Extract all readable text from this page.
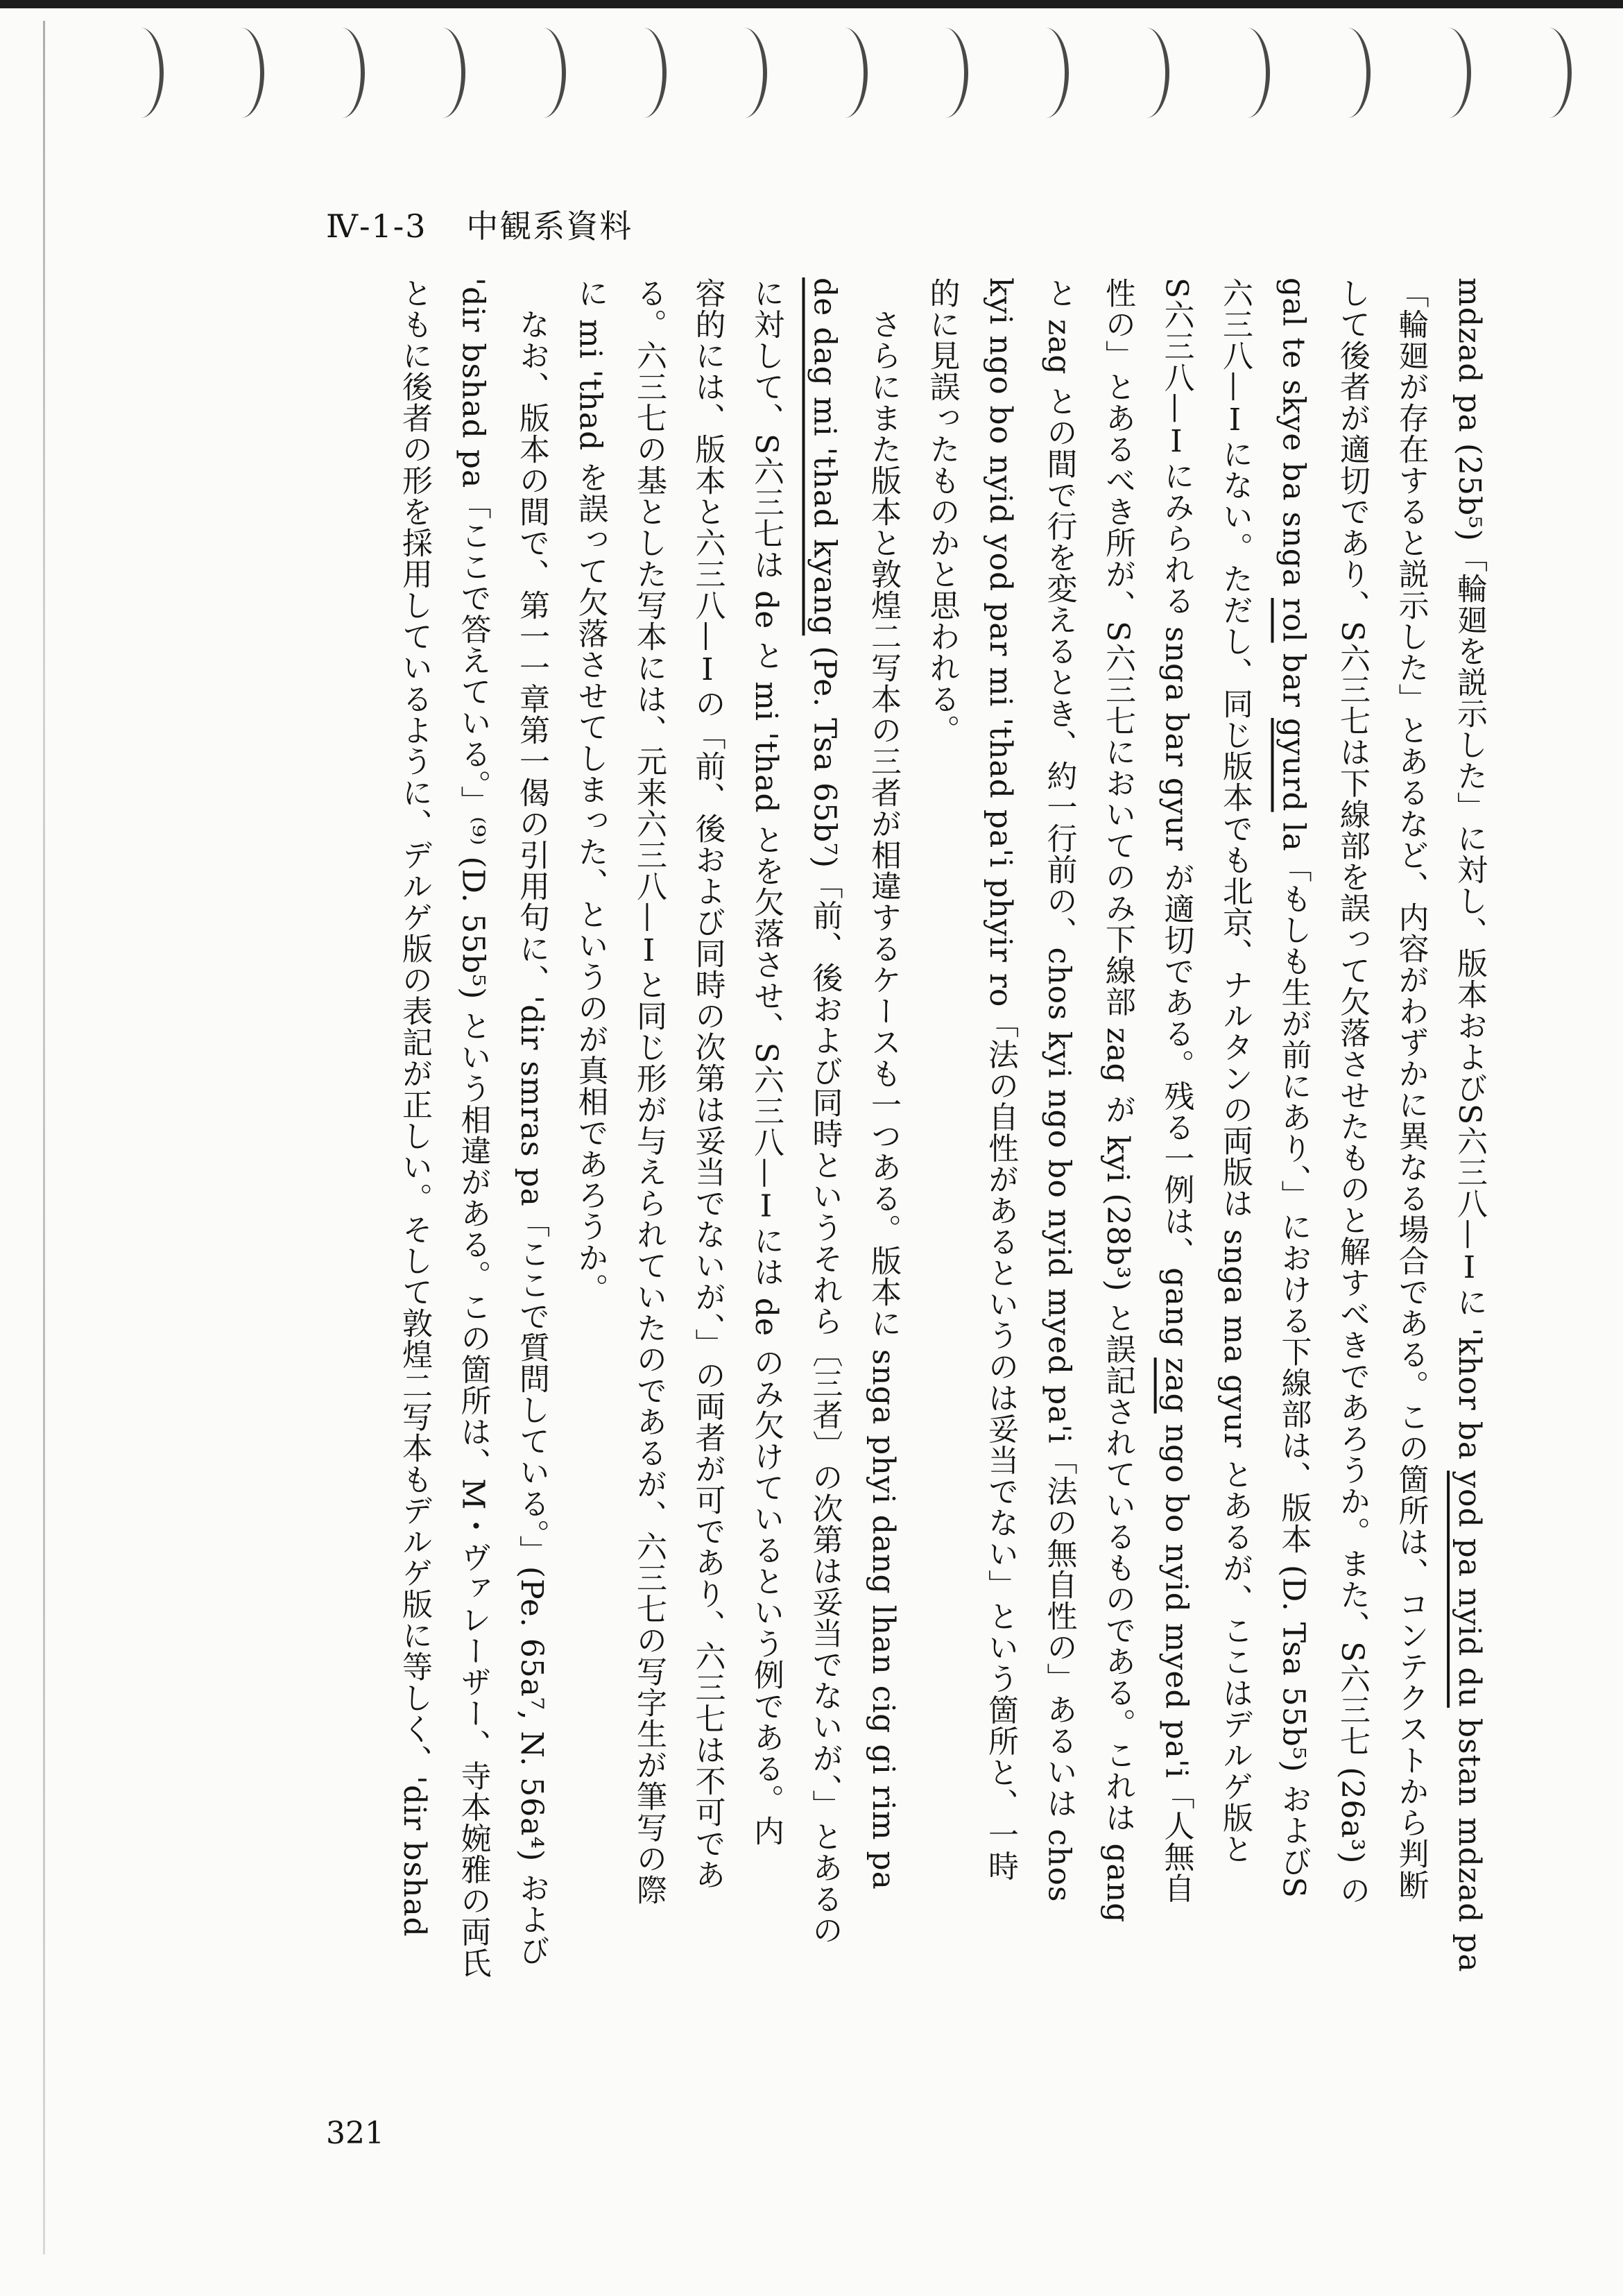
Ⅳ-1-3 中観系資料
mdzad pa (25b⁵)「輪廻を説示した」に対し、版本およびS六三八—Ⅰに 'khor ba yod pa nyid du bstan mdzad pa
「輪廻が存在すると説示した」とあるなど、内容がわずかに異なる場合である。この箇所は、コンテクストから判断
して後者が適切であり、S六三七は下線部を誤って欠落させたものと解すべきであろうか。また、S六三七 (26a³) の
gal te skye ba sngа rol bar gyurd la「もしも生が前にあり、」における下線部は、版本 (D. Tsa 55b⁵) およびS
六三八—Ⅰにない。ただし、同じ版本でも北京、ナルタンの両版は snga ma gyur とあるが、ここはデルゲ版と
S六三八—Ⅰにみられる snga bar gyur が適切である。残る一例は、gang zag ngo bo nyid myed pa'i「人無自
性の」とあるべき所が、S六三七においてのみ下線部 zag が kyi (28b³) と誤記されているものである。これは gang
と zag との間で行を変えるとき、約一行前の、chos kyi ngo bo nyid myed pa'i「法の無自性の」あるいは chos
kyi ngo bo nyid yod par mi 'thad pa'i phyir ro「法の自性があるというのは妥当でない」という箇所と、一時
的に見誤ったものかと思われる。
　さらにまた版本と敦煌二写本の三者が相違するケースも一つある。版本に sngа phyi dang lhan cig gi rim pa
de dag mi 'thad kyang (Pe. Tsa 65b⁷)「前、後および同時というそれら〔三者〕の次第は妥当でないが、」とあるの
に対して、S六三七は de と mi 'thad とを欠落させ、S六三八—Ⅰには de のみ欠けているという例である。内
容的には、版本と六三八—Ⅰの「前、後および同時の次第は妥当でないが、」の両者が可であり、六三七は不可であ
る。六三七の基とした写本には、元来六三八—Ⅰと同じ形が与えられていたのであるが、六三七の写字生が筆写の際
に mi 'thad を誤って欠落させてしまった、というのが真相であろうか。
　なお、版本の間で、第一一章第一偈の引用句に、'dir smras pa「ここで質問している。」(Pe. 65a⁷, N. 56a⁴) および
'dir bshad pa「ここで答えている。」⁽⁹⁾ (D. 55b⁵) という相違がある。この箇所は、M・ヴァレーザー、寺本婉雅の両氏
ともに後者の形を採用しているように、デルゲ版の表記が正しい。そして敦煌二写本もデルゲ版に等しく、'dir bshad
321
